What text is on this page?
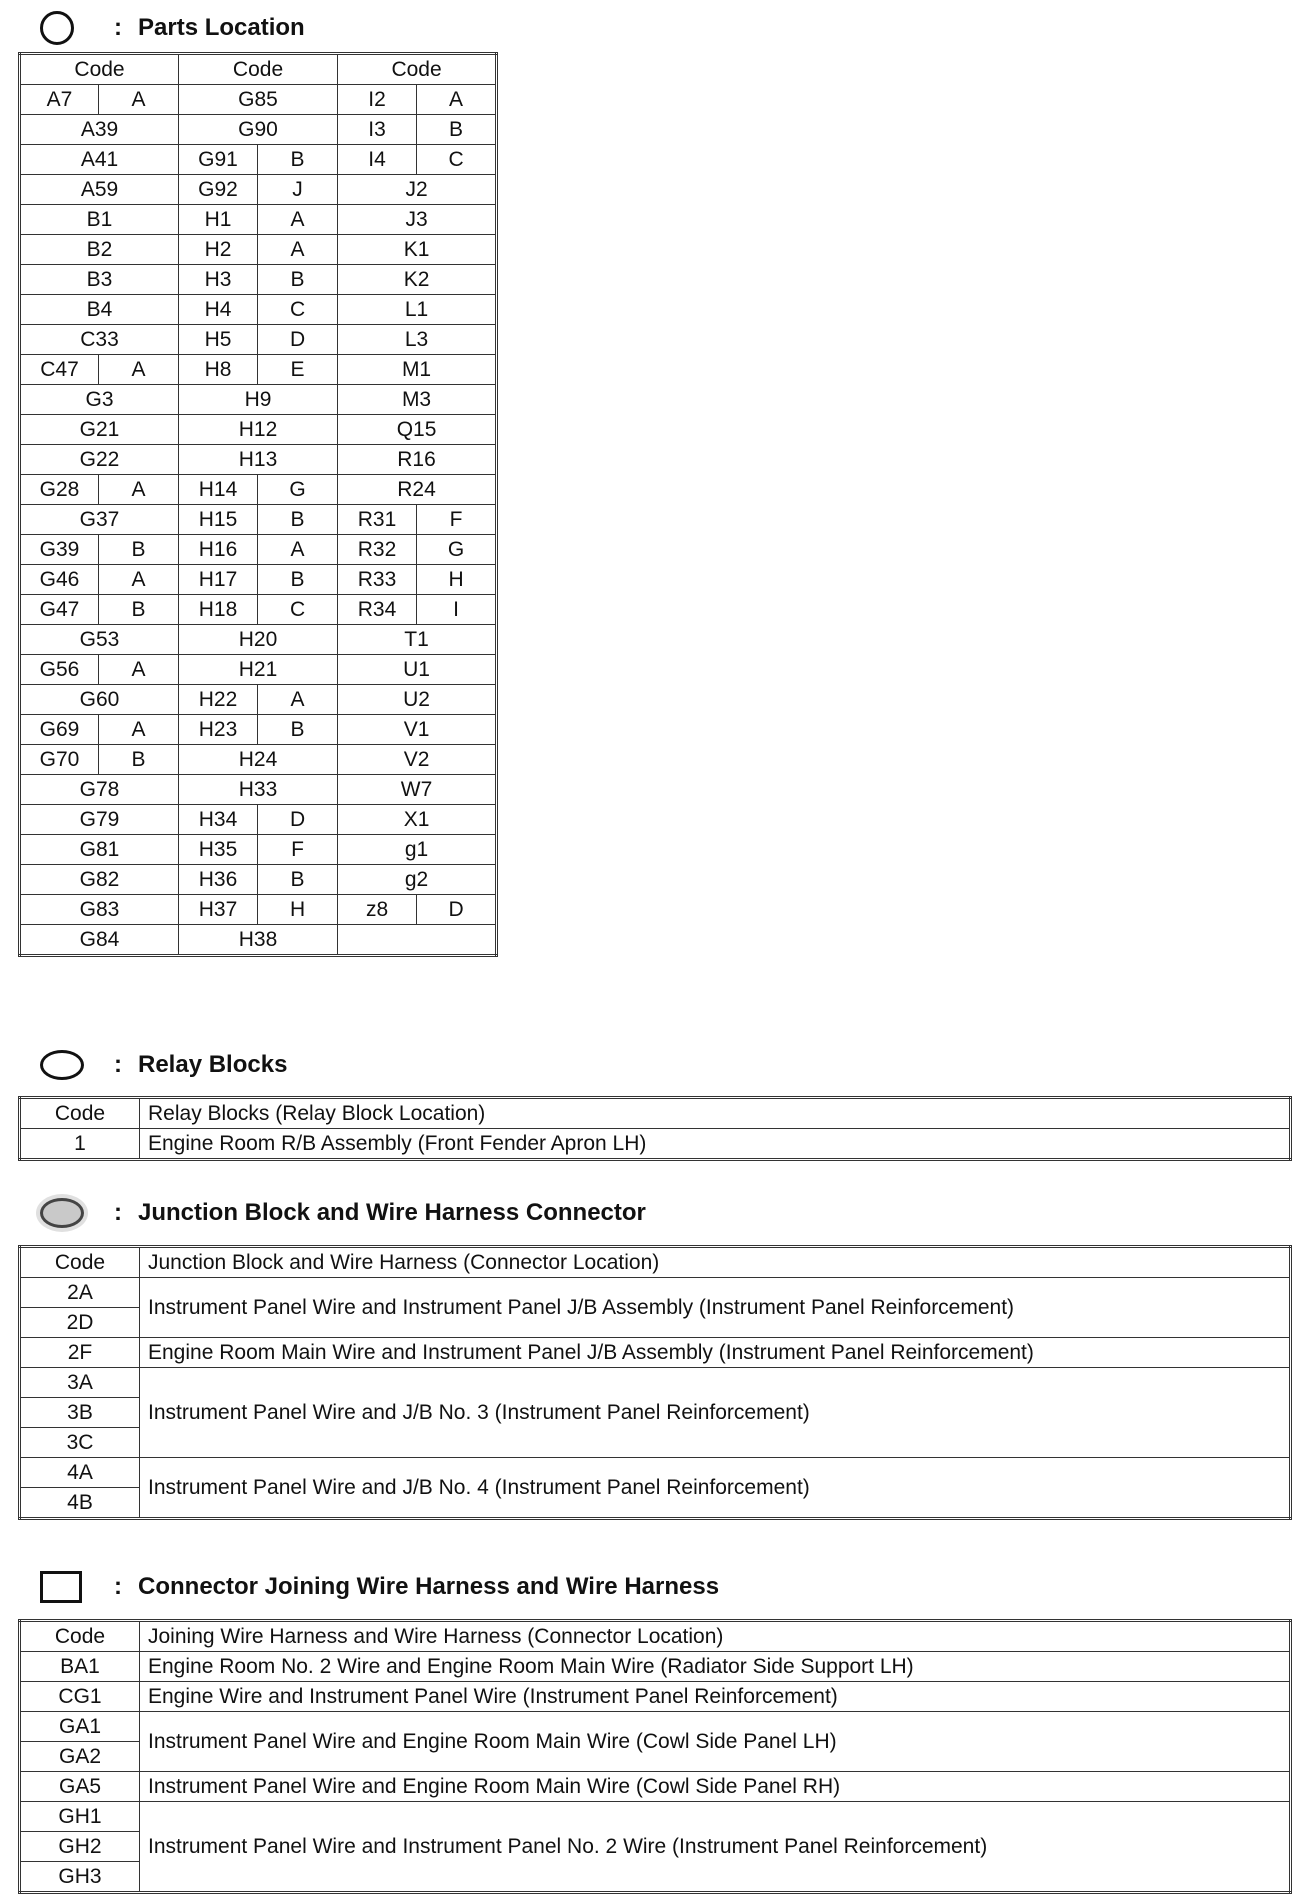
: Parts Location
Code		Code		Code	
A7	A	G85		I2	A
A39		G90		I3	B
A41		G91	B	I4	C
A59		G92	J	J2	
B1		H1	A	J3	
B2		H2	A	K1	
B3		H3	B	K2	
B4		H4	C	L1	
C33		H5	D	L3	
C47	A	H8	E	M1	
G3		H9		M3	
G21		H12		Q15	
G22		H13		R16	
G28	A	H14	G	R24	
G37		H15	B	R31	F
G39	B	H16	A	R32	G
G46	A	H17	B	R33	H
G47	B	H18	C	R34	I
G53		H20		T1	
G56	A	H21		U1	
G60		H22	A	U2	
G69	A	H23	B	V1	
G70	B	H24		V2	
G78		H33		W7	
G79		H34	D	X1	
G81		H35	F	g1	
G82		H36	B	g2	
G83		H37	H	z8	D
G84		H38			
: Relay Blocks
Code	Relay Blocks (Relay Block Location)
1	Engine Room R/B Assembly (Front Fender Apron LH)
: Junction Block and Wire Harness Connector
Code	Junction Block and Wire Harness (Connector Location)
2A	Instrument Panel Wire and Instrument Panel J/B Assembly (Instrument Panel Reinforcement)
2D	
2F	Engine Room Main Wire and Instrument Panel J/B Assembly (Instrument Panel Reinforcement)
3A	Instrument Panel Wire and J/B No. 3 (Instrument Panel Reinforcement)
3B	
3C	
4A	Instrument Panel Wire and J/B No. 4 (Instrument Panel Reinforcement)
4B	
: Connector Joining Wire Harness and Wire Harness
Code	Joining Wire Harness and Wire Harness (Connector Location)
BA1	Engine Room No. 2 Wire and Engine Room Main Wire (Radiator Side Support LH)
CG1	Engine Wire and Instrument Panel Wire (Instrument Panel Reinforcement)
GA1	Instrument Panel Wire and Engine Room Main Wire (Cowl Side Panel LH)
GA2	
GA5	Instrument Panel Wire and Engine Room Main Wire (Cowl Side Panel RH)
GH1	Instrument Panel Wire and Instrument Panel No. 2 Wire (Instrument Panel Reinforcement)
GH2	
GH3	
